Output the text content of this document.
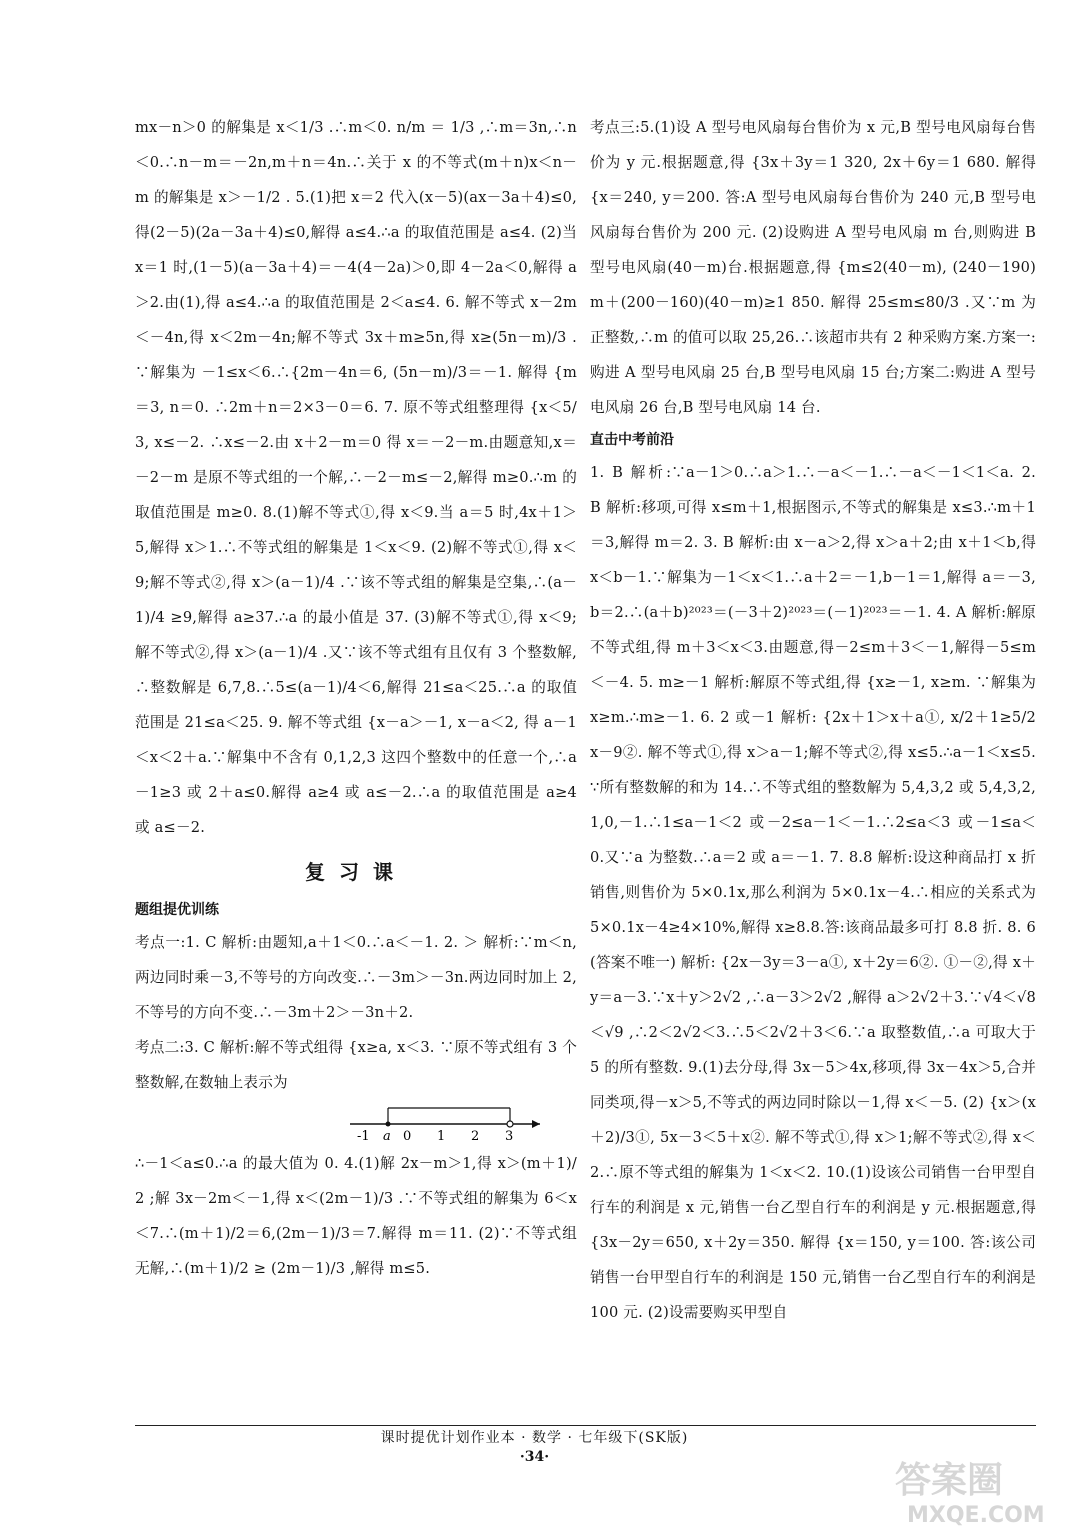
mx－n＞0 的解集是 x＜1/3 .∴m＜0. n/m ＝ 1/3 ,∴m＝3n,∴n＜0.∴n－m＝－2n,m＋n＝4n.∴关于 x 的不等式(m＋n)x＜n－m 的解集是 x＞－1/2 . 5.(1)把 x＝2 代入(x－5)(ax－3a＋4)≤0,得(2－5)(2a－3a＋4)≤0,解得 a≤4.∴a 的取值范围是 a≤4. (2)当 x＝1 时,(1－5)(a－3a＋4)＝－4(4－2a)＞0,即 4－2a＜0,解得 a＞2.由(1),得 a≤4.∴a 的取值范围是 2＜a≤4. 6. 解不等式 x－2m＜－4n,得 x＜2m－4n;解不等式 3x＋m≥5n,得 x≥(5n－m)/3 .∵解集为 －1≤x＜6.∴{2m－4n＝6, (5n－m)/3＝－1. 解得 {m＝3, n＝0. ∴2m＋n＝2×3－0＝6. 7. 原不等式组整理得 {x＜5/3, x≤－2. ∴x≤－2.由 x＋2－m＝0 得 x＝－2－m.由题意知,x＝－2－m 是原不等式组的一个解,∴－2－m≤－2,解得 m≥0.∴m 的取值范围是 m≥0. 8.(1)解不等式①,得 x＜9.当 a＝5 时,4x＋1＞5,解得 x＞1.∴不等式组的解集是 1＜x＜9. (2)解不等式①,得 x＜9;解不等式②,得 x＞(a－1)/4 .∵该不等式组的解集是空集,∴(a－1)/4 ≥9,解得 a≥37.∴a 的最小值是 37. (3)解不等式①,得 x＜9;解不等式②,得 x＞(a－1)/4 .又∵该不等式组有且仅有 3 个整数解,∴整数解是 6,7,8.∴5≤(a－1)/4＜6,解得 21≤a＜25.∴a 的取值范围是 21≤a＜25. 9. 解不等式组 {x－a＞－1, x－a＜2, 得 a－1＜x＜2＋a.∵解集中不含有 0,1,2,3 这四个整数中的任意一个,∴a－1≥3 或 2＋a≤0.解得 a≥4 或 a≤－2.∴a 的取值范围是 a≥4 或 a≤－2.

复习课
题组提优训练

考点一:1. C 解析:由题知,a＋1＜0.∴a＜－1. 2. ＞ 解析:∵m＜n,两边同时乘－3,不等号的方向改变.∴－3m＞－3n.两边同时加上 2,不等号的方向不变.∴－3m＋2＞－3n＋2.

考点二:3. C 解析:解不等式组得 {x≥a, x＜3. ∵原不等式组有 3 个整数解,在数轴上表示为

-1 a 0 1 2 3

∴－1＜a≤0.∴a 的最大值为 0. 4.(1)解 2x－m＞1,得 x＞(m＋1)/2 ;解 3x－2m＜－1,得 x＜(2m－1)/3 .∵不等式组的解集为 6＜x＜7.∴(m＋1)/2＝6,(2m－1)/3＝7.解得 m＝11. (2)∵不等式组无解,∴(m＋1)/2 ≥ (2m－1)/3 ,解得 m≤5.

考点三:5.(1)设 A 型号电风扇每台售价为 x 元,B 型号电风扇每台售价为 y 元.根据题意,得 {3x＋3y＝1 320, 2x＋6y＝1 680. 解得 {x＝240, y＝200. 答:A 型号电风扇每台售价为 240 元,B 型号电风扇每台售价为 200 元. (2)设购进 A 型号电风扇 m 台,则购进 B 型号电风扇(40－m)台.根据题意,得 {m≤2(40－m), (240－190)m＋(200－160)(40－m)≥1 850. 解得 25≤m≤80/3 .又∵m 为正整数,∴m 的值可以取 25,26.∴该超市共有 2 种采购方案.方案一:购进 A 型号电风扇 25 台,B 型号电风扇 15 台;方案二:购进 A 型号电风扇 26 台,B 型号电风扇 14 台.

直击中考前沿

1. B 解析:∵a－1＞0.∴a＞1.∴－a＜－1.∴－a＜－1＜1＜a. 2. B 解析:移项,可得 x≤m＋1,根据图示,不等式的解集是 x≤3.∴m＋1＝3,解得 m＝2. 3. B 解析:由 x－a＞2,得 x＞a＋2;由 x＋1＜b,得 x＜b－1.∵解集为－1＜x＜1.∴a＋2＝－1,b－1＝1,解得 a＝－3,b＝2.∴(a＋b)²⁰²³＝(－3＋2)²⁰²³＝(－1)²⁰²³＝－1. 4. A 解析:解原不等式组,得 m＋3＜x＜3.由题意,得－2≤m＋3＜－1,解得－5≤m＜－4. 5. m≥－1 解析:解原不等式组,得 {x≥－1, x≥m. ∵解集为 x≥m.∴m≥－1. 6. 2 或－1 解析: {2x＋1＞x＋a①, x/2＋1≥5/2 x－9②. 解不等式①,得 x＞a－1;解不等式②,得 x≤5.∴a－1＜x≤5.∵所有整数解的和为 14.∴不等式组的整数解为 5,4,3,2 或 5,4,3,2,1,0,－1.∴1≤a－1＜2 或－2≤a－1＜－1.∴2≤a＜3 或－1≤a＜0.又∵a 为整数.∴a＝2 或 a＝－1. 7. 8.8 解析:设这种商品打 x 折销售,则售价为 5×0.1x,那么利润为 5×0.1x－4.∴相应的关系式为 5×0.1x－4≥4×10%,解得 x≥8.8.答:该商品最多可打 8.8 折. 8. 6(答案不唯一) 解析: {2x－3y＝3－a①, x＋2y＝6②. ①－②,得 x＋y＝a－3.∵x＋y＞2√2 ,∴a－3＞2√2 ,解得 a＞2√2＋3.∵√4＜√8＜√9 ,∴2＜2√2＜3.∴5＜2√2＋3＜6.∵a 取整数值,∴a 可取大于 5 的所有整数. 9.(1)去分母,得 3x－5＞4x,移项,得 3x－4x＞5,合并同类项,得－x＞5,不等式的两边同时除以－1,得 x＜－5. (2) {x＞(x＋2)/3①, 5x－3＜5＋x②. 解不等式①,得 x＞1;解不等式②,得 x＜2.∴原不等式组的解集为 1＜x＜2. 10.(1)设该公司销售一台甲型自行车的利润是 x 元,销售一台乙型自行车的利润是 y 元.根据题意,得 {3x－2y＝650, x＋2y＝350. 解得 {x＝150, y＝100. 答:该公司销售一台甲型自行车的利润是 150 元,销售一台乙型自行车的利润是 100 元. (2)设需要购买甲型自

课时提优计划作业本 · 数学 · 七年级下(SK版)
·34·
答案圈
MXQE.COM
